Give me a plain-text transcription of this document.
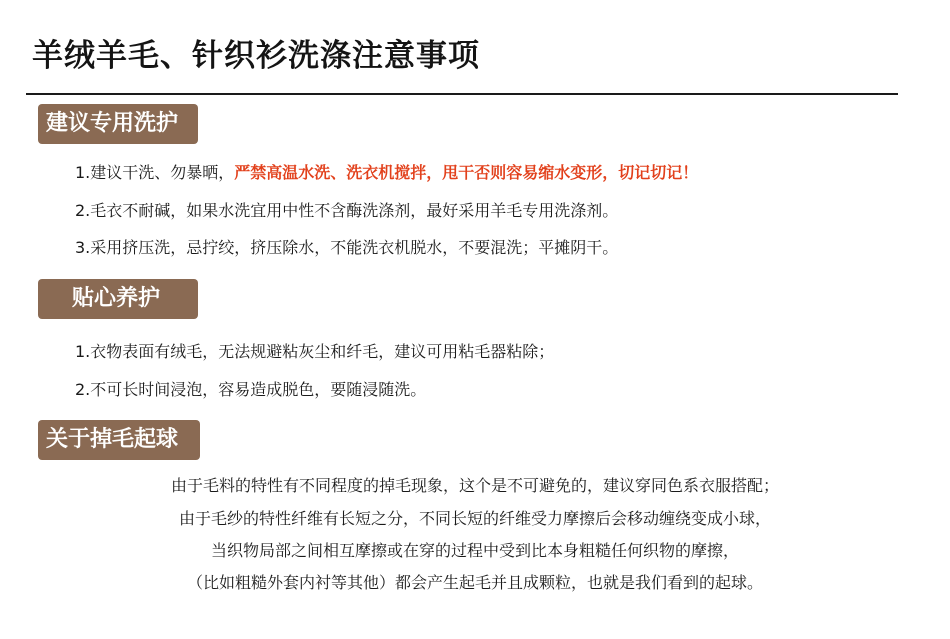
羊绒羊毛、针织衫洗涤注意事项
建议专用洗护
1.建议干洗、勿暴晒，严禁高温水洗、洗衣机搅拌，甩干否则容易缩水变形，切记切记！
2.毛衣不耐碱，如果水洗宜用中性不含酶洗涤剂，最好采用羊毛专用洗涤剂。
3.采用挤压洗，忌拧绞，挤压除水，不能洗衣机脱水，不要混洗；平摊阴干。
贴心养护
1.衣物表面有绒毛，无法规避粘灰尘和纤毛，建议可用粘毛器粘除；
2.不可长时间浸泡，容易造成脱色，要随浸随洗。
关于掉毛起球
由于毛料的特性有不同程度的掉毛现象，这个是不可避免的，建议穿同色系衣服搭配；
由于毛纱的特性纤维有长短之分，不同长短的纤维受力摩擦后会移动缠绕变成小球，
当织物局部之间相互摩擦或在穿的过程中受到比本身粗糙任何织物的摩擦，
（比如粗糙外套内衬等其他）都会产生起毛并且成颗粒，也就是我们看到的起球。
